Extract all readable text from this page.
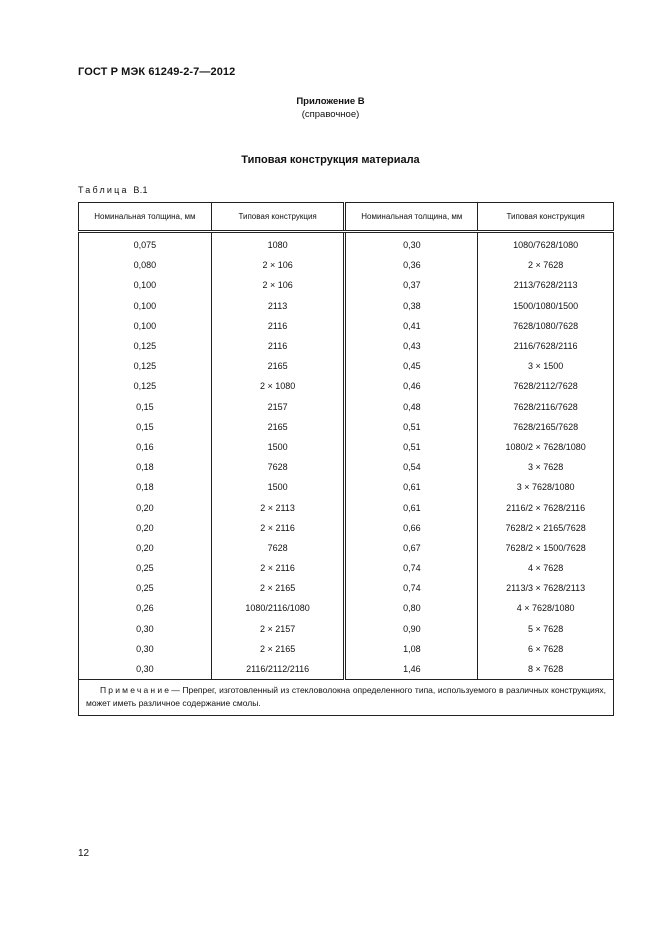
ГОСТ Р МЭК 61249-2-7—2012
Приложение В
(справочное)
Типовая конструкция материала
Таблица В.1
Номинальная толщина, мм	Типовая конструкция	Номинальная толщина, мм	Типовая конструкция
0,075	1080	0,30	1080/7628/1080
0,080	2 × 106	0,36	2 × 7628
0,100	2 × 106	0,37	2113/7628/2113
0,100	2113	0,38	1500/1080/1500
0,100	2116	0,41	7628/1080/7628
0,125	2116	0,43	2116/7628/2116
0,125	2165	0,45	3 × 1500
0,125	2 × 1080	0,46	7628/2112/7628
0,15	2157	0,48	7628/2116/7628
0,15	2165	0,51	7628/2165/7628
0,16	1500	0,51	1080/2 × 7628/1080
0,18	7628	0,54	3 × 7628
0,18	1500	0,61	3 × 7628/1080
0,20	2 × 2113	0,61	2116/2 × 7628/2116
0,20	2 × 2116	0,66	7628/2 × 2165/7628
0,20	7628	0,67	7628/2 × 1500/7628
0,25	2 × 2116	0,74	4 × 7628
0,25	2 × 2165	0,74	2113/3 × 7628/2113
0,26	1080/2116/1080	0,80	4 × 7628/1080
0,30	2 × 2157	0,90	5 × 7628
0,30	2 × 2165	1,08	6 × 7628
0,30	2116/2112/2116	1,46	8 × 7628
Примечание— Препрег, изготовленный из стекловолокна определенного типа, используемого в различных конструкциях, может иметь различное содержание смолы.			
12
